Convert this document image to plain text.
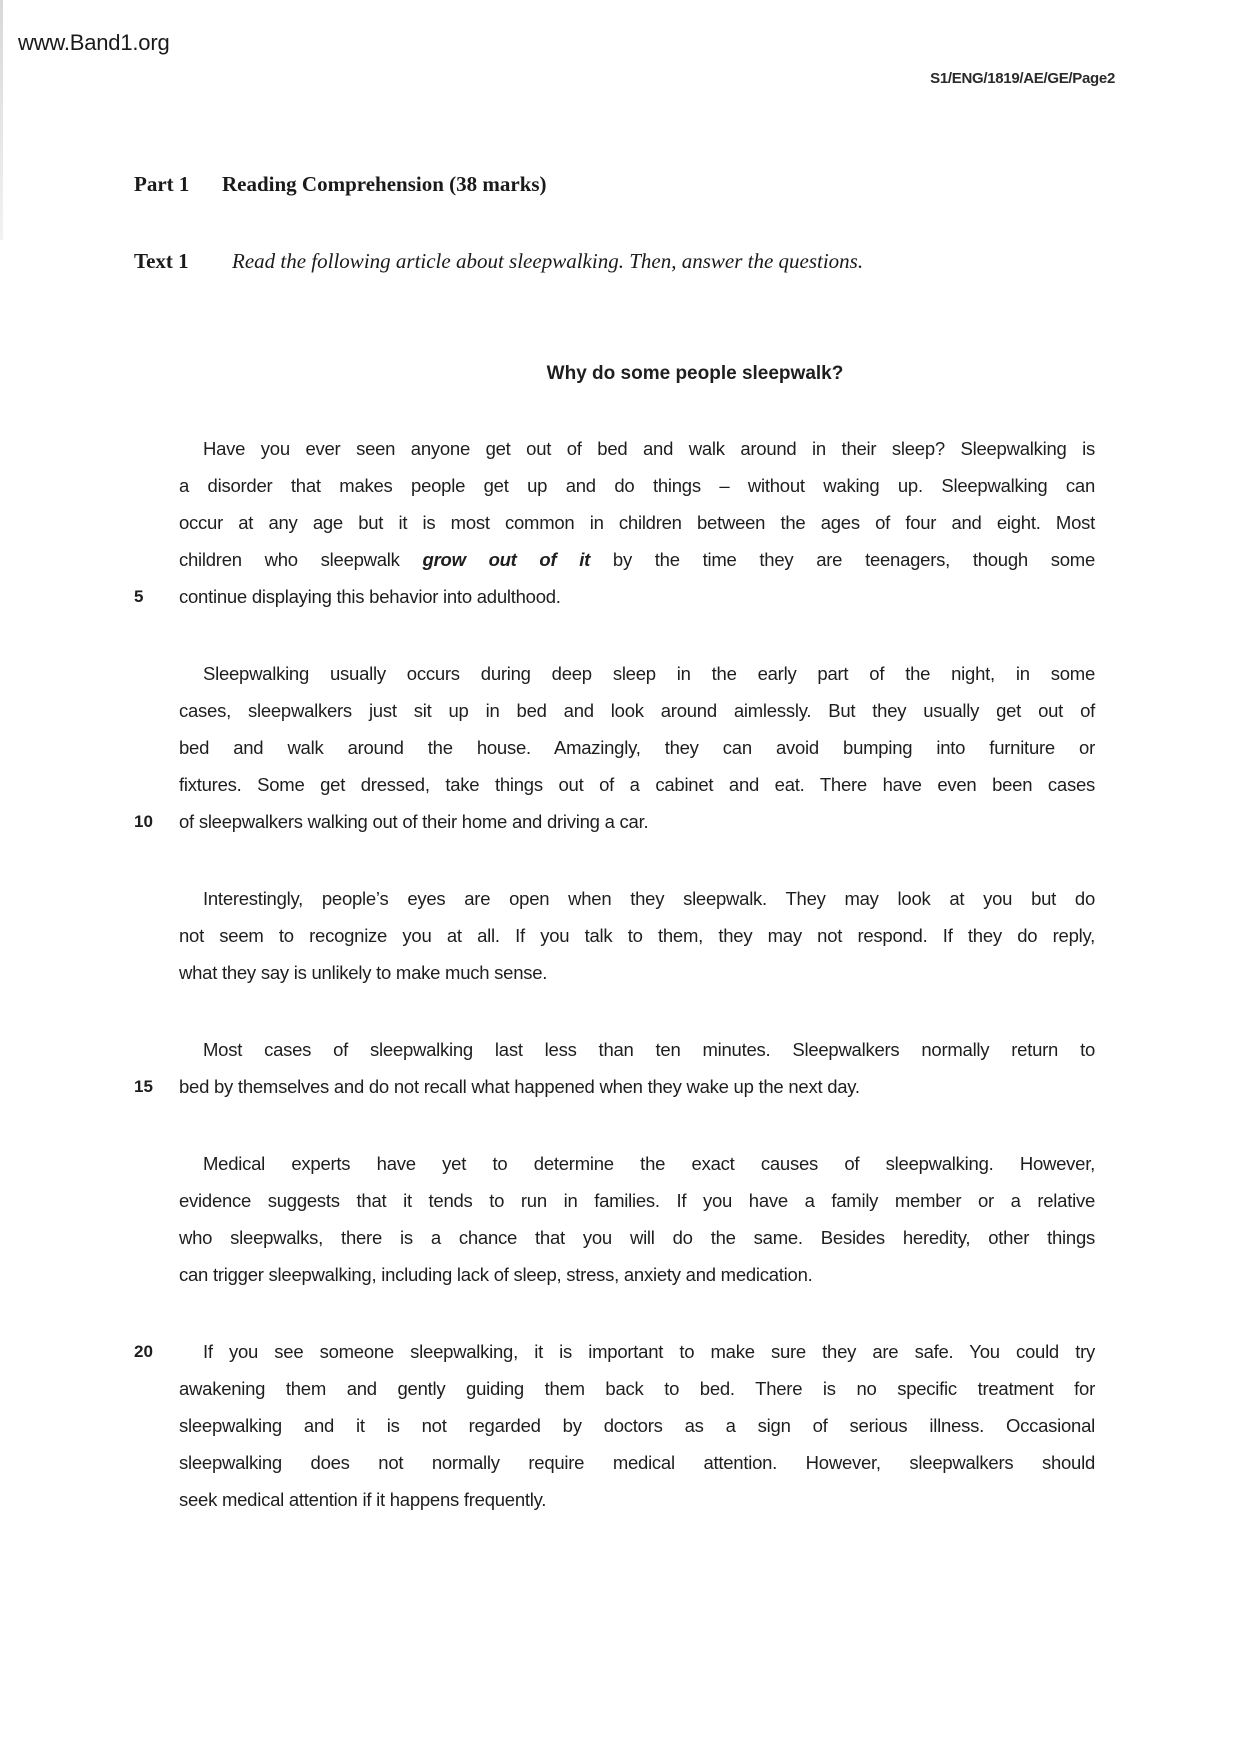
www.Band1.org
S1/ENG/1819/AE/GE/Page2
Part 1 Reading Comprehension (38 marks)
Text 1 Read the following article about sleepwalking. Then, answer the questions.
Why do some people sleepwalk?
Have you ever seen anyone get out of bed and walk around in their sleep? Sleepwalking is
a disorder that makes people get up and do things – without waking up. Sleepwalking can
occur at any age but it is most common in children between the ages of four and eight. Most
children who sleepwalk grow out of it by the time they are teenagers, though some
5 continue displaying this behavior into adulthood.
Sleepwalking usually occurs during deep sleep in the early part of the night, in some
cases, sleepwalkers just sit up in bed and look around aimlessly. But they usually get out of
bed and walk around the house. Amazingly, they can avoid bumping into furniture or
fixtures. Some get dressed, take things out of a cabinet and eat. There have even been cases
10 of sleepwalkers walking out of their home and driving a car.
Interestingly, people’s eyes are open when they sleepwalk. They may look at you but do
not seem to recognize you at all. If you talk to them, they may not respond. If they do reply,
what they say is unlikely to make much sense.
Most cases of sleepwalking last less than ten minutes. Sleepwalkers normally return to
15 bed by themselves and do not recall what happened when they wake up the next day.
Medical experts have yet to determine the exact causes of sleepwalking. However,
evidence suggests that it tends to run in families. If you have a family member or a relative
who sleepwalks, there is a chance that you will do the same. Besides heredity, other things
can trigger sleepwalking, including lack of sleep, stress, anxiety and medication.
20	If you see someone sleepwalking, it is important to make sure they are safe. You could try
awakening them and gently guiding them back to bed. There is no specific treatment for
sleepwalking and it is not regarded by doctors as a sign of serious illness. Occasional
sleepwalking does not normally require medical attention. However, sleepwalkers should
seek medical attention if it happens frequently.
